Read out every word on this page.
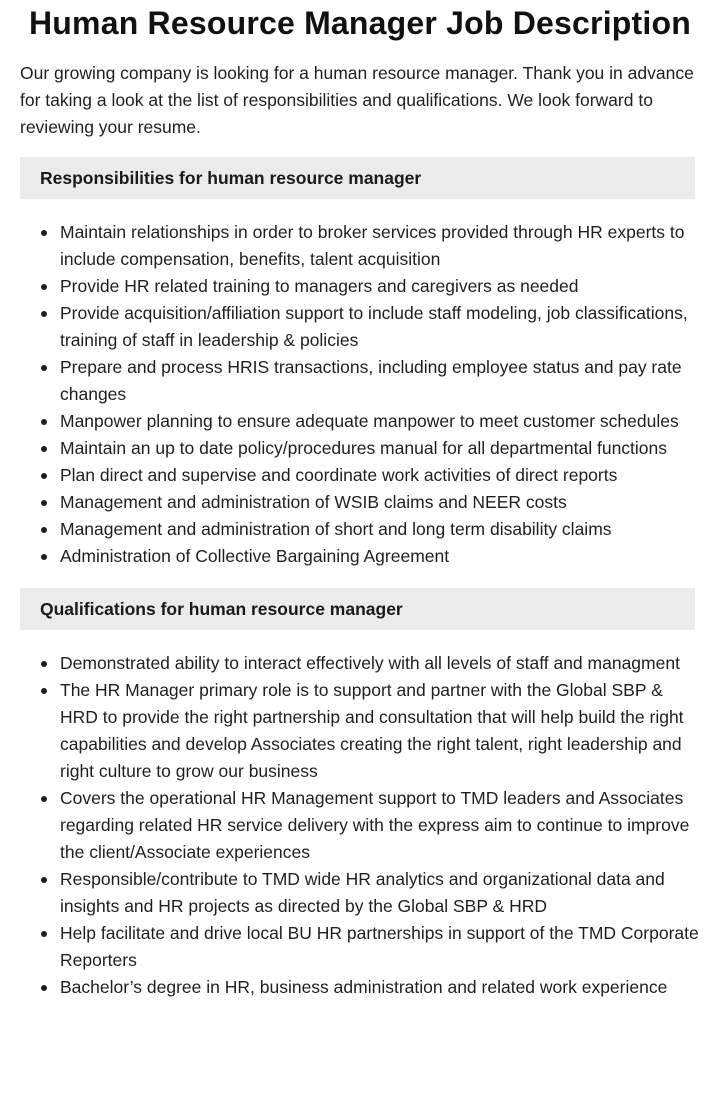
Human Resource Manager Job Description

Our growing company is looking for a human resource manager. Thank you in advance for taking a look at the list of responsibilities and qualifications. We look forward to reviewing your resume.

Responsibilities for human resource manager
Maintain relationships in order to broker services provided through HR experts to include compensation, benefits, talent acquisition
Provide HR related training to managers and caregivers as needed
Provide acquisition/affiliation support to include staff modeling, job classifications, training of staff in leadership & policies
Prepare and process HRIS transactions, including employee status and pay rate changes
Manpower planning to ensure adequate manpower to meet customer schedules
Maintain an up to date policy/procedures manual for all departmental functions
Plan direct and supervise and coordinate work activities of direct reports
Management and administration of WSIB claims and NEER costs
Management and administration of short and long term disability claims
Administration of Collective Bargaining Agreement
Qualifications for human resource manager
Demonstrated ability to interact effectively with all levels of staff and managment
The HR Manager primary role is to support and partner with the Global SBP & HRD to provide the right partnership and consultation that will help build the right capabilities and develop Associates creating the right talent, right leadership and right culture to grow our business
Covers the operational HR Management support to TMD leaders and Associates regarding related HR service delivery with the express aim to continue to improve the client/Associate experiences
Responsible/contribute to TMD wide HR analytics and organizational data and insights and HR projects as directed by the Global SBP & HRD
Help facilitate and drive local BU HR partnerships in support of the TMD Corporate Reporters
Bachelor’s degree in HR, business administration and related work experience
